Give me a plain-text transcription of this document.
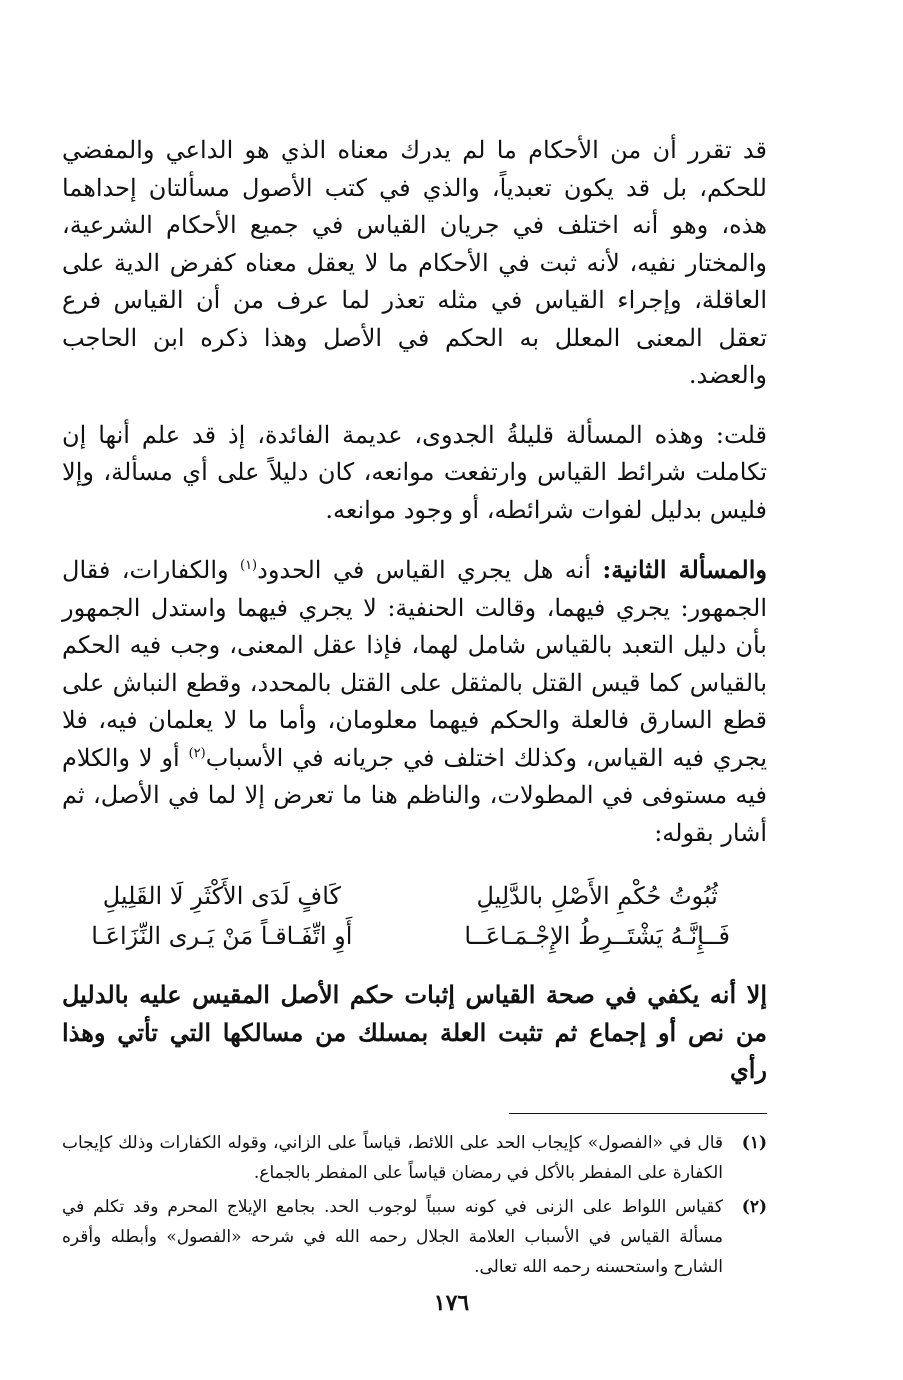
قد تقرر أن من الأحكام ما لم يدرك معناه الذي هو الداعي والمفضي للحكم، بل قد يكون تعبدياً، والذي في كتب الأصول مسألتان إحداهما هذه، وهو أنه اختلف في جريان القياس في جميع الأحكام الشرعية، والمختار نفيه، لأنه ثبت في الأحكام ما لا يعقل معناه كفرض الدية على العاقلة، وإجراء القياس في مثله تعذر لما عرف من أن القياس فرع تعقل المعنى المعلل به الحكم في الأصل وهذا ذكره ابن الحاجب والعضد.

قلت: وهذه المسألة قليلةُ الجدوى، عديمة الفائدة، إذ قد علم أنها إن تكاملت شرائط القياس وارتفعت موانعه، كان دليلاً على أي مسألة، وإلا فليس بدليل لفوات شرائطه، أو وجود موانعه.

والمسألة الثانية: أنه هل يجري القياس في الحدود$^{(١)}$ والكفارات، فقال الجمهور: يجري فيهما، وقالت الحنفية: لا يجري فيهما واستدل الجمهور بأن دليل التعبد بالقياس شامل لهما، فإذا عقل المعنى، وجب فيه الحكم بالقياس كما قيس القتل بالمثقل على القتل بالمحدد، وقطع النباش على قطع السارق فالعلة والحكم فيهما معلومان، وأما ما لا يعلمان فيه، فلا يجري فيه القياس، وكذلك اختلف في جريانه في الأسباب$^{(٢)}$ أو لا والكلام فيه مستوفى في المطولات، والناظم هنا ما تعرض إلا لما في الأصل، ثم أشار بقوله:

ثُبُوتُ حُكْمِ الأَصْلِ بالدَّلِيلِ
كَافٍ لَدَى الأَكْثَرِ لَا القَلِيلِ
فَــإِنَّـهُ يَشْتَــرِطُ الإِجْـمَـاعَــا
أَوِ اتِّفَـاقـاً مَنْ يَـرى النِّزَاعَـا

إلا أنه يكفي في صحة القياس إثبات حكم الأصل المقيس عليه بالدليل من نص أو إجماع ثم تثبت العلة بمسلك من مسالكها التي تأتي وهذا رأي

(١)
قال في «الفصول» كإيجاب الحد على اللائط، قياساً على الزاني، وقوله الكفارات وذلك كإيجاب الكفارة على المفطر بالأكل في رمضان قياساً على المفطر بالجماع.
(٢)
كقياس اللواط على الزنى في كونه سبباً لوجوب الحد. بجامع الإيلاج المحرم وقد تكلم في مسألة القياس في الأسباب العلامة الجلال رحمه الله في شرحه «الفصول» وأبطله وأقره الشارح واستحسنه رحمه الله تعالى.
١٧٦
